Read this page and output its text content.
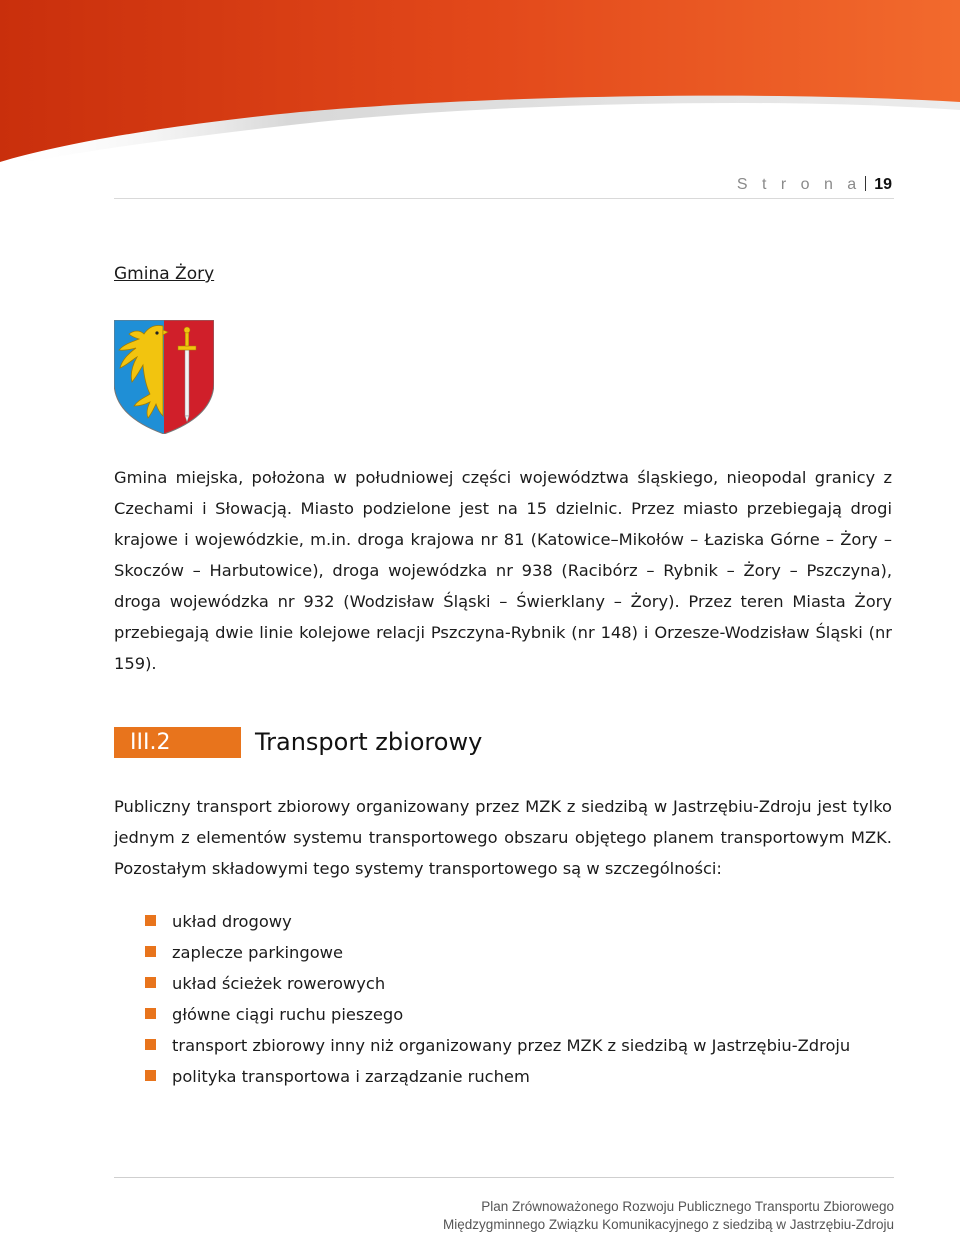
S t r o n a 19
Gmina Żory

Gmina miejska, położona w południowej części województwa śląskiego, nieopodal granicy z Czechami i Słowacją. Miasto podzielone jest na 15 dzielnic. Przez miasto przebiegają drogi krajowe i wojewódzkie, m.in. droga krajowa nr 81 (Katowice–Mikołów – Łaziska Górne – Żory – Skoczów – Harbutowice), droga wojewódzka nr 938 (Racibórz – Rybnik – Żory – Pszczyna), droga wojewódzka nr 932 (Wodzisław Śląski – Świerklany – Żory). Przez teren Miasta Żory przebiegają dwie linie kolejowe relacji Pszczyna-Rybnik (nr 148) i Orzesze-Wodzisław Śląski (nr 159).

III.2	Transport zbiorowy

Publiczny transport zbiorowy organizowany przez MZK z siedzibą w Jastrzębiu-Zdroju jest tylko jednym z elementów systemu transportowego obszaru objętego planem transportowym MZK. Pozostałym składowymi tego systemy transportowego są w szczególności:

układ drogowy
zaplecze parkingowe
układ ścieżek rowerowych
główne ciągi ruchu pieszego
transport zbiorowy inny niż organizowany przez MZK z siedzibą w Jastrzębiu-Zdroju
polityka transportowa i zarządzanie ruchem
Plan Zrównoważonego Rozwoju Publicznego Transportu Zbiorowego
Międzygminnego Związku Komunikacyjnego z siedzibą w Jastrzębiu-Zdroju
